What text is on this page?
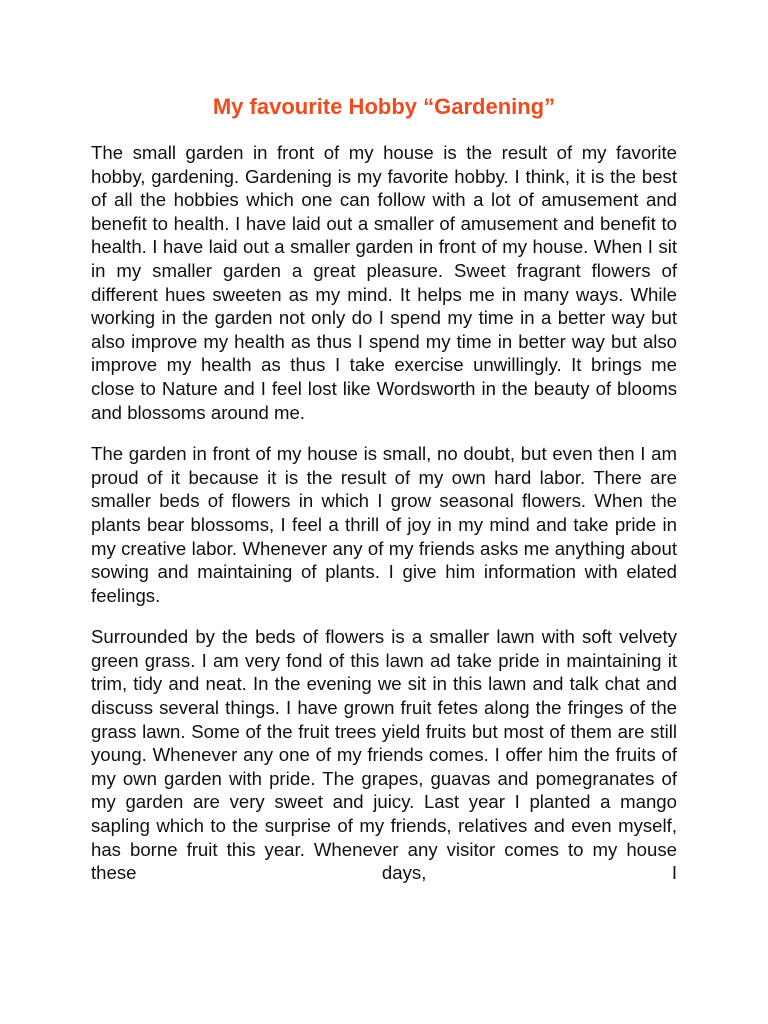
My favourite Hobby “Gardening”

The small garden in front of my house is the result of my favorite hobby, gardening. Gardening is my favorite hobby. I think, it is the best of all the hobbies which one can follow with a lot of amusement and benefit to health. I have laid out a smaller of amusement and benefit to health. I have laid out a smaller garden in front of my house. When I sit in my smaller garden a great pleasure. Sweet fragrant flowers of different hues sweeten as my mind. It helps me in many ways. While working in the garden not only do I spend my time in a better way but also improve my health as thus I spend my time in better way but also improve my health as thus I take exercise unwillingly. It brings me close to Nature and I feel lost like Wordsworth in the beauty of blooms and blossoms around me.

The garden in front of my house is small, no doubt, but even then I am proud of it because it is the result of my own hard labor. There are smaller beds of flowers in which I grow seasonal flowers. When the plants bear blossoms, I feel a thrill of joy in my mind and take pride in my creative labor. Whenever any of my friends asks me anything about sowing and maintaining of plants. I give him information with elated feelings.

Surrounded by the beds of flowers is a smaller lawn with soft velvety green grass. I am very fond of this lawn ad take pride in maintaining it trim, tidy and neat. In the evening we sit in this lawn and talk chat and discuss several things. I have grown fruit fetes along the fringes of the grass lawn. Some of the fruit trees yield fruits but most of them are still young. Whenever any one of my friends comes. I offer him the fruits of my own garden with pride. The grapes, guavas and pomegranates of my garden are very sweet and juicy. Last year I planted a mango sapling which to the surprise of my friends, relatives and even myself, has borne fruit this year. Whenever any visitor comes to my house these days, I
